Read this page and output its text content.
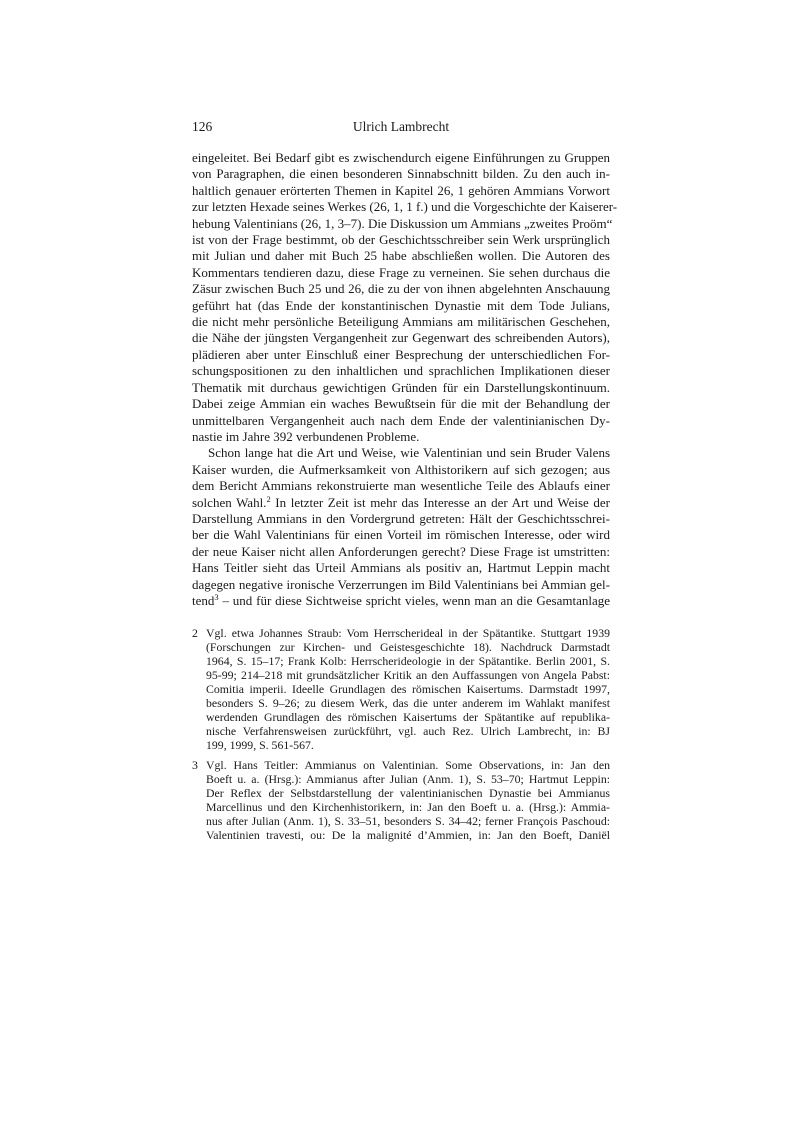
126	Ulrich Lambrecht
eingeleitet. Bei Bedarf gibt es zwischendurch eigene Einführungen zu Gruppen
von Paragraphen, die einen besonderen Sinnabschnitt bilden. Zu den auch in-
haltlich genauer erörterten Themen in Kapitel 26, 1 gehören Ammians Vorwort
zur letzten Hexade seines Werkes (26, 1, 1 f.) und die Vorgeschichte der Kaiserer-
hebung Valentinians (26, 1, 3–7). Die Diskussion um Ammians „zweites Proöm“
ist von der Frage bestimmt, ob der Geschichtsschreiber sein Werk ursprünglich
mit Julian und daher mit Buch 25 habe abschließen wollen. Die Autoren des
Kommentars tendieren dazu, diese Frage zu verneinen. Sie sehen durchaus die
Zäsur zwischen Buch 25 und 26, die zu der von ihnen abgelehnten Anschauung
geführt hat (das Ende der konstantinischen Dynastie mit dem Tode Julians,
die nicht mehr persönliche Beteiligung Ammians am militärischen Geschehen,
die Nähe der jüngsten Vergangenheit zur Gegenwart des schreibenden Autors),
plädieren aber unter Einschluß einer Besprechung der unterschiedlichen For-
schungspositionen zu den inhaltlichen und sprachlichen Implikationen dieser
Thematik mit durchaus gewichtigen Gründen für ein Darstellungskontinuum.
Dabei zeige Ammian ein waches Bewußtsein für die mit der Behandlung der
unmittelbaren Vergangenheit auch nach dem Ende der valentinianischen Dy-
nastie im Jahre 392 verbundenen Probleme.
Schon lange hat die Art und Weise, wie Valentinian und sein Bruder Valens
Kaiser wurden, die Aufmerksamkeit von Althistorikern auf sich gezogen; aus
dem Bericht Ammians rekonstruierte man wesentliche Teile des Ablaufs einer
solchen Wahl.$^2$ In letzter Zeit ist mehr das Interesse an der Art und Weise der
Darstellung Ammians in den Vordergrund getreten: Hält der Geschichtsschrei-
ber die Wahl Valentinians für einen Vorteil im römischen Interesse, oder wird
der neue Kaiser nicht allen Anforderungen gerecht? Diese Frage ist umstritten:
Hans Teitler sieht das Urteil Ammians als positiv an, Hartmut Leppin macht
dagegen negative ironische Verzerrungen im Bild Valentinians bei Ammian gel-
tend$^3$ – und für diese Sichtweise spricht vieles, wenn man an die Gesamtanlage
2 Vgl. etwa Johannes Straub: Vom Herrscherideal in der Spätantike. Stuttgart 1939
(Forschungen zur Kirchen- und Geistesgeschichte 18). Nachdruck Darmstadt
1964, S. 15–17; Frank Kolb: Herrscherideologie in der Spätantike. Berlin 2001, S.
95-99; 214–218 mit grundsätzlicher Kritik an den Auffassungen von Angela Pabst:
Comitia imperii. Ideelle Grundlagen des römischen Kaisertums. Darmstadt 1997,
besonders S. 9–26; zu diesem Werk, das die unter anderem im Wahlakt manifest
werdenden Grundlagen des römischen Kaisertums der Spätantike auf republika-
nische Verfahrensweisen zurückführt, vgl. auch Rez. Ulrich Lambrecht, in: BJ
199, 1999, S. 561-567.
3 Vgl. Hans Teitler: Ammianus on Valentinian. Some Observations, in: Jan den
Boeft u. a. (Hrsg.): Ammianus after Julian (Anm. 1), S. 53–70; Hartmut Leppin:
Der Reflex der Selbstdarstellung der valentinianischen Dynastie bei Ammianus
Marcellinus und den Kirchenhistorikern, in: Jan den Boeft u. a. (Hrsg.): Ammia-
nus after Julian (Anm. 1), S. 33–51, besonders S. 34–42; ferner François Paschoud:
Valentinien travesti, ou: De la malignité d’Ammien, in: Jan den Boeft, Daniël
